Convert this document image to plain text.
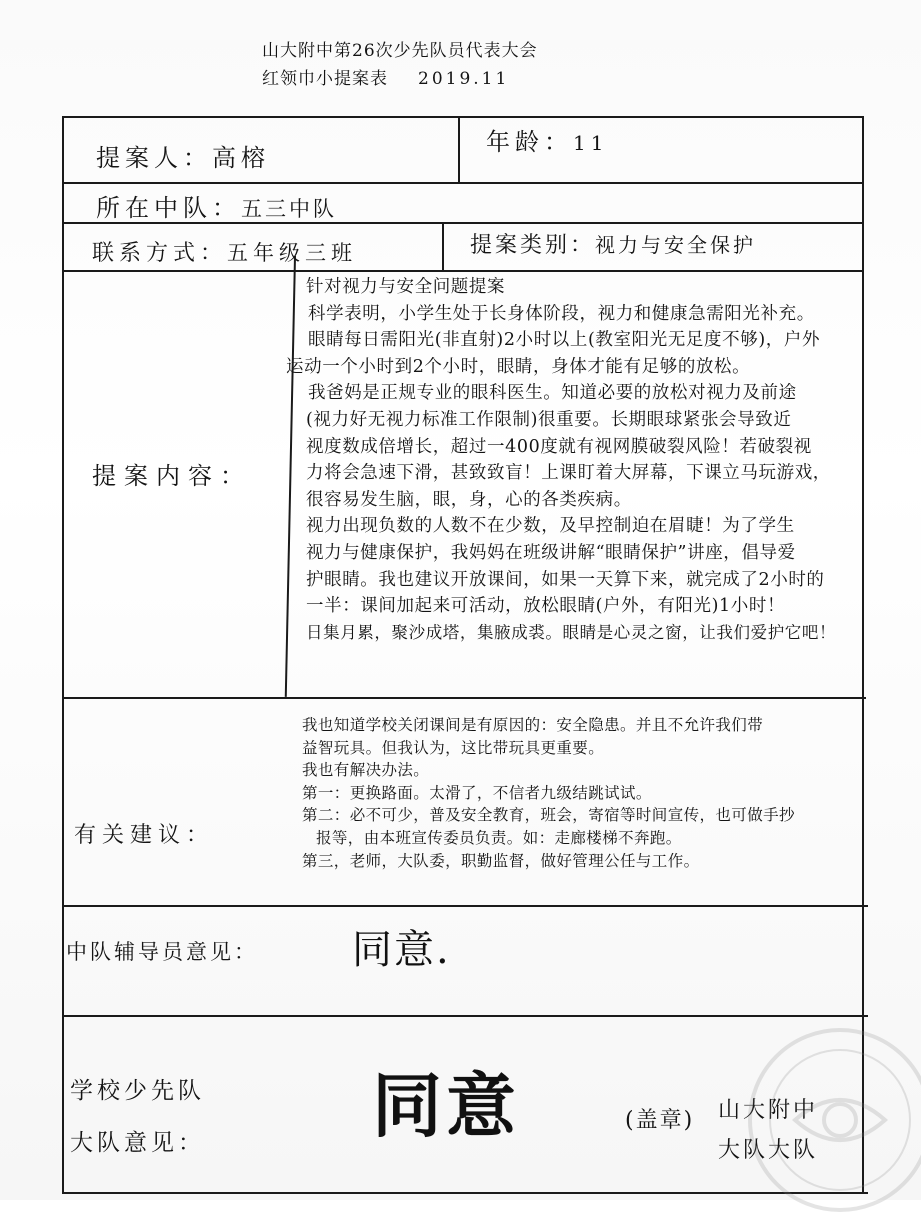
山大附中第26次少先队员代表大会
红领巾小提案表 2019.11
提案人：高榕
年龄：11
所在中队：五三中队
联系方式：五年级三班	提案类别：视力与安全保护
提案内容：
针对视力与安全问题提案
科学表明，小学生处于长身体阶段，视力和健康急需阳光补充。
眼睛每日需阳光(非直射)2小时以上(教室阳光无足度不够)，户外
运动一个小时到2个小时，眼睛，身体才能有足够的放松。
我爸妈是正规专业的眼科医生。知道必要的放松对视力及前途
(视力好无视力标准工作限制)很重要。长期眼球紧张会导致近
视度数成倍增长，超过一400度就有视网膜破裂风险！若破裂视
力将会急速下滑，甚致致盲！上课盯着大屏幕，下课立马玩游戏，
很容易发生脑，眼，身，心的各类疾病。
视力出现负数的人数不在少数，及早控制迫在眉睫！为了学生
视力与健康保护，我妈妈在班级讲解“眼睛保护”讲座，倡导爱
护眼睛。我也建议开放课间，如果一天算下来，就完成了2小时的
一半：课间加起来可活动，放松眼睛(户外，有阳光)1小时！
日集月累，聚沙成塔，集腋成裘。眼睛是心灵之窗，让我们爱护它吧！
有关建议：
我也知道学校关闭课间是有原因的：安全隐患。并且不允许我们带
益智玩具。但我认为，这比带玩具更重要。
我也有解决办法。
第一：更换路面。太滑了，不信者九级结跳试试。
第二：必不可少，普及安全教育，班会，寄宿等时间宣传，也可做手抄
报等，由本班宣传委员负责。如：走廊楼梯不奔跑。
第三，老师，大队委，职勤监督，做好管理公任与工作。
中队辅导员意见： 同意.
学校少先队
大队意见： 同意	(盖章) 山大附中
大队大队
